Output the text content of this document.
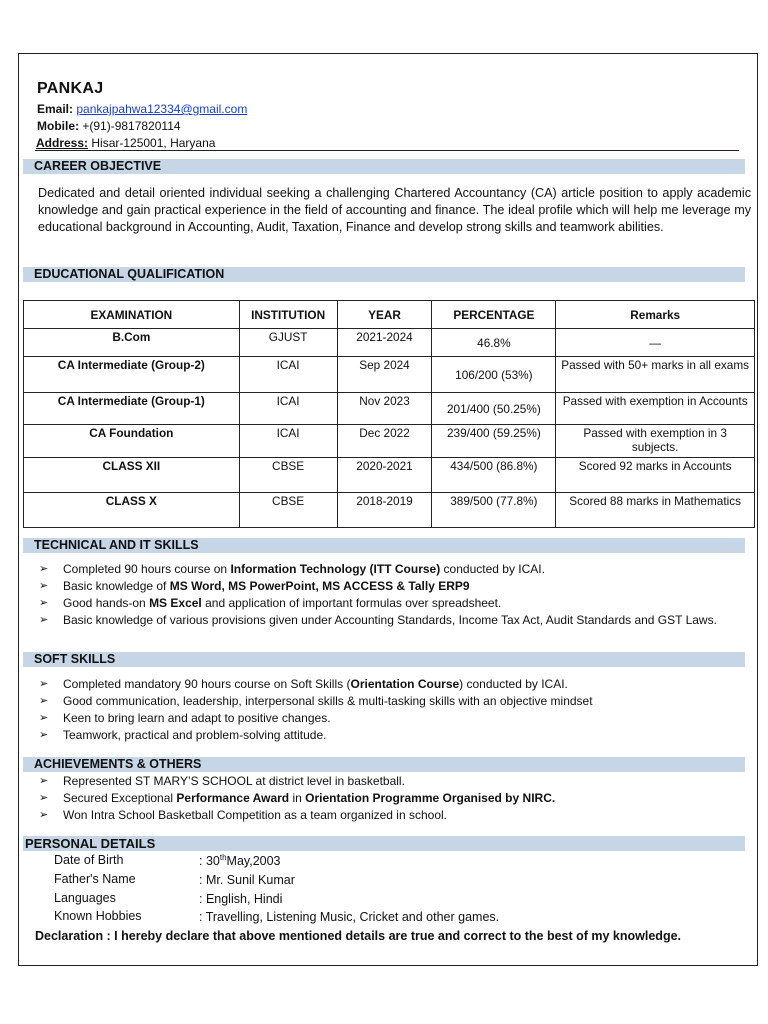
PANKAJ
Email: pankajpahwa12334@gmail.com
Mobile: +(91)-9817820114
Address: Hisar-125001, Haryana
CAREER OBJECTIVE
Dedicated and detail oriented individual seeking a challenging Chartered Accountancy (CA) article position to apply academic knowledge and gain practical experience in the field of accounting and finance. The ideal profile which will help me leverage my educational background in Accounting, Audit, Taxation, Finance and develop strong skills and teamwork abilities.
EDUCATIONAL QUALIFICATION
EXAMINATION	INSTITUTION	YEAR	PERCENTAGE	Remarks
B.Com	GJUST	2021-2024	46.8%	—
CA Intermediate (Group-2)	ICAI	Sep 2024	106/200 (53%)	Passed with 50+ marks in all exams
CA Intermediate (Group-1)	ICAI	Nov 2023	201/400 (50.25%)	Passed with exemption in Accounts
CA Foundation	ICAI	Dec 2022	239/400 (59.25%)	Passed with exemption in 3 subjects.
CLASS XII	CBSE	2020-2021	434/500 (86.8%)	Scored 92 marks in Accounts
CLASS X	CBSE	2018-2019	389/500 (77.8%)	Scored 88 marks in Mathematics
TECHNICAL AND IT SKILLS
➢ Completed 90 hours course on Information Technology (ITT Course) conducted by ICAI.
➢ Basic knowledge of MS Word, MS PowerPoint, MS ACCESS & Tally ERP9
➢ Good hands-on MS Excel and application of important formulas over spreadsheet.
➢ Basic knowledge of various provisions given under Accounting Standards, Income Tax Act, Audit Standards and GST Laws.
SOFT SKILLS
➢ Completed mandatory 90 hours course on Soft Skills (Orientation Course) conducted by ICAI.
➢ Good communication, leadership, interpersonal skills & multi-tasking skills with an objective mindset
➢ Keen to bring learn and adapt to positive changes.
➢ Teamwork, practical and problem-solving attitude.
ACHIEVEMENTS & OTHERS
➢ Represented ST MARY’S SCHOOL at district level in basketball.
➢ Secured Exceptional Performance Award in Orientation Programme Organised by NIRC.
➢ Won Intra School Basketball Competition as a team organized in school.
PERSONAL DETAILS
Date of Birth	: 30thMay,2003
Father's Name	: Mr. Sunil Kumar
Languages	: English, Hindi
Known Hobbies	: Travelling, Listening Music, Cricket and other games.
Declaration : I hereby declare that above mentioned details are true and correct to the best of my knowledge.
